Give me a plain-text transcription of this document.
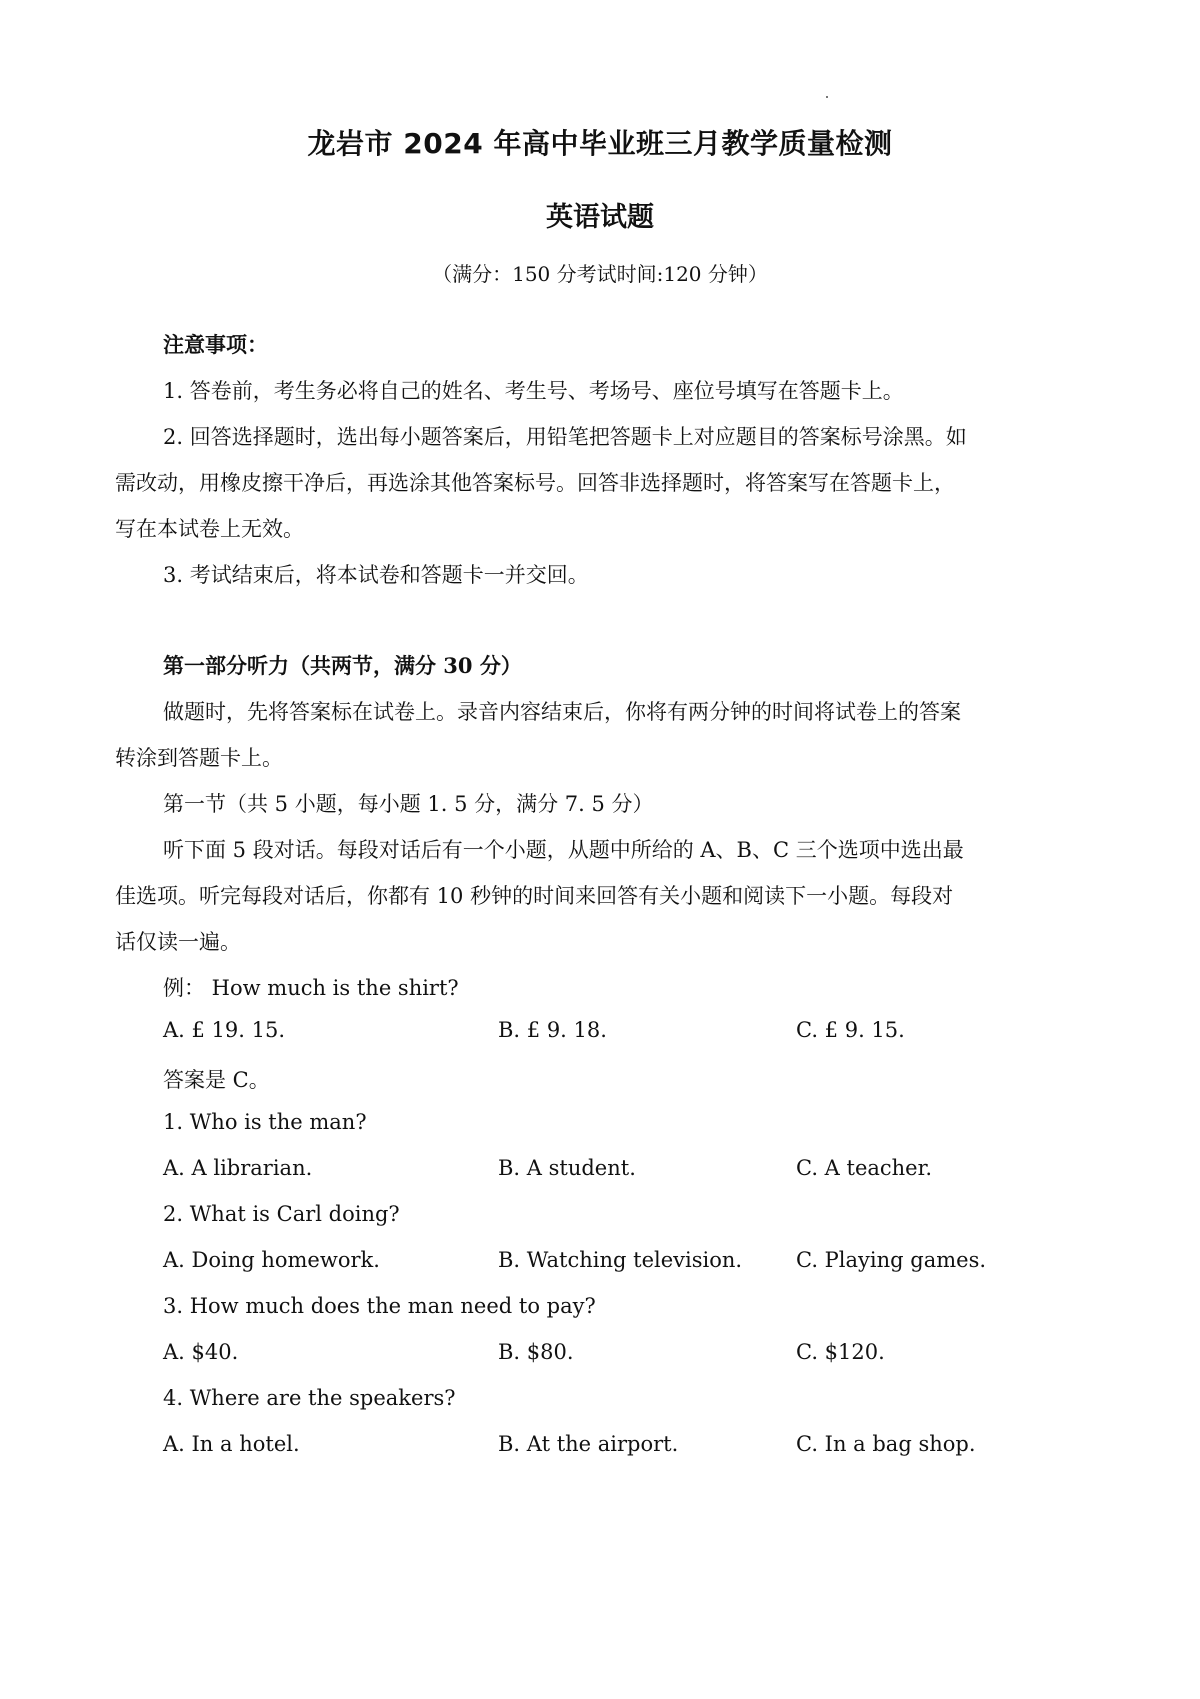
龙岩市 2024 年高中毕业班三月教学质量检测
英语试题
（满分：150 分考试时间:120 分钟）
注意事项：
1. 答卷前，考生务必将自己的姓名、考生号、考场号、座位号填写在答题卡上。
2. 回答选择题时，选出每小题答案后，用铅笔把答题卡上对应题目的答案标号涂黑。如
需改动，用橡皮擦干净后，再选涂其他答案标号。回答非选择题时，将答案写在答题卡上，
写在本试卷上无效。
3. 考试结束后，将本试卷和答题卡一并交回。
第一部分听力（共两节，满分 30 分）
做题时，先将答案标在试卷上。录音内容结束后，你将有两分钟的时间将试卷上的答案
转涂到答题卡上。
第一节（共 5 小题，每小题 1. 5 分，满分 7. 5 分）
听下面 5 段对话。每段对话后有一个小题，从题中所给的 A、B、C 三个选项中选出最
佳选项。听完每段对话后，你都有 10 秒钟的时间来回答有关小题和阅读下一小题。每段对
话仅读一遍。
例： How much is the shirt?
A. £ 19. 15.	B. £ 9. 18.	C. £ 9. 15.
答案是 C。
1. Who is the man?
A. A librarian.	B. A student.	C. A teacher.
2. What is Carl doing?
A. Doing homework.	B. Watching television.	C. Playing games.
3. How much does the man need to pay?
A. $40.	B. $80.	C. $120.
4. Where are the speakers?
A. In a hotel.	B. At the airport.	C. In a bag shop.
